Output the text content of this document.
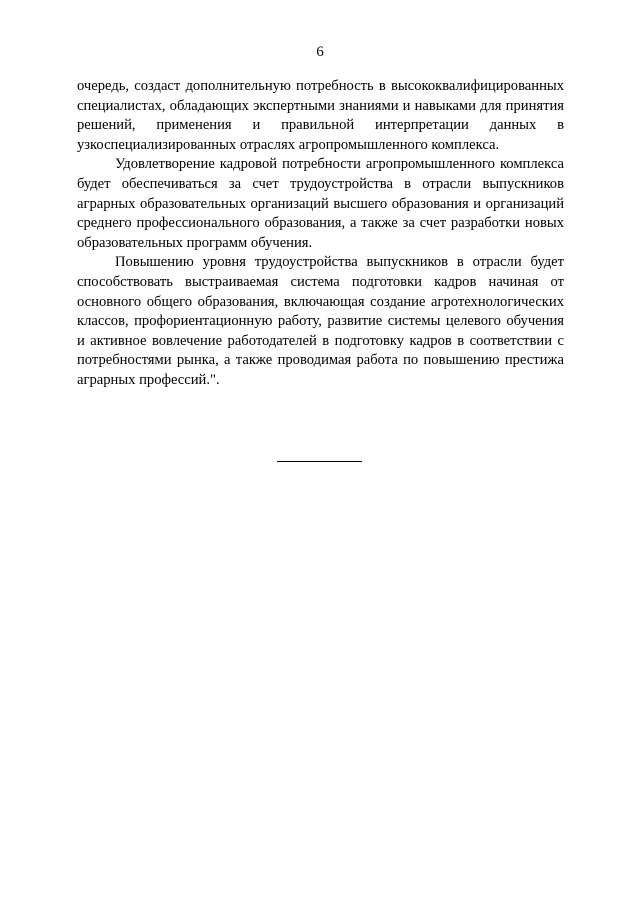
6

очередь, создаст дополнительную потребность в высококвалифицированных специалистах, обладающих экспертными знаниями и навыками для принятия решений, применения и правильной интерпретации данных в узкоспециализированных отраслях агропромышленного комплекса.

Удовлетворение кадровой потребности агропромышленного комплекса будет обеспечиваться за счет трудоустройства в отрасли выпускников аграрных образовательных организаций высшего образования и организаций среднего профессионального образования, а также за счет разработки новых образовательных программ обучения.

Повышению уровня трудоустройства выпускников в отрасли будет способствовать выстраиваемая система подготовки кадров начиная от основного общего образования, включающая создание агротехнологических классов, профориентационную работу, развитие системы целевого обучения и активное вовлечение работодателей в подготовку кадров в соответствии с потребностями рынка, а также проводимая работа по повышению престижа аграрных профессий.".
